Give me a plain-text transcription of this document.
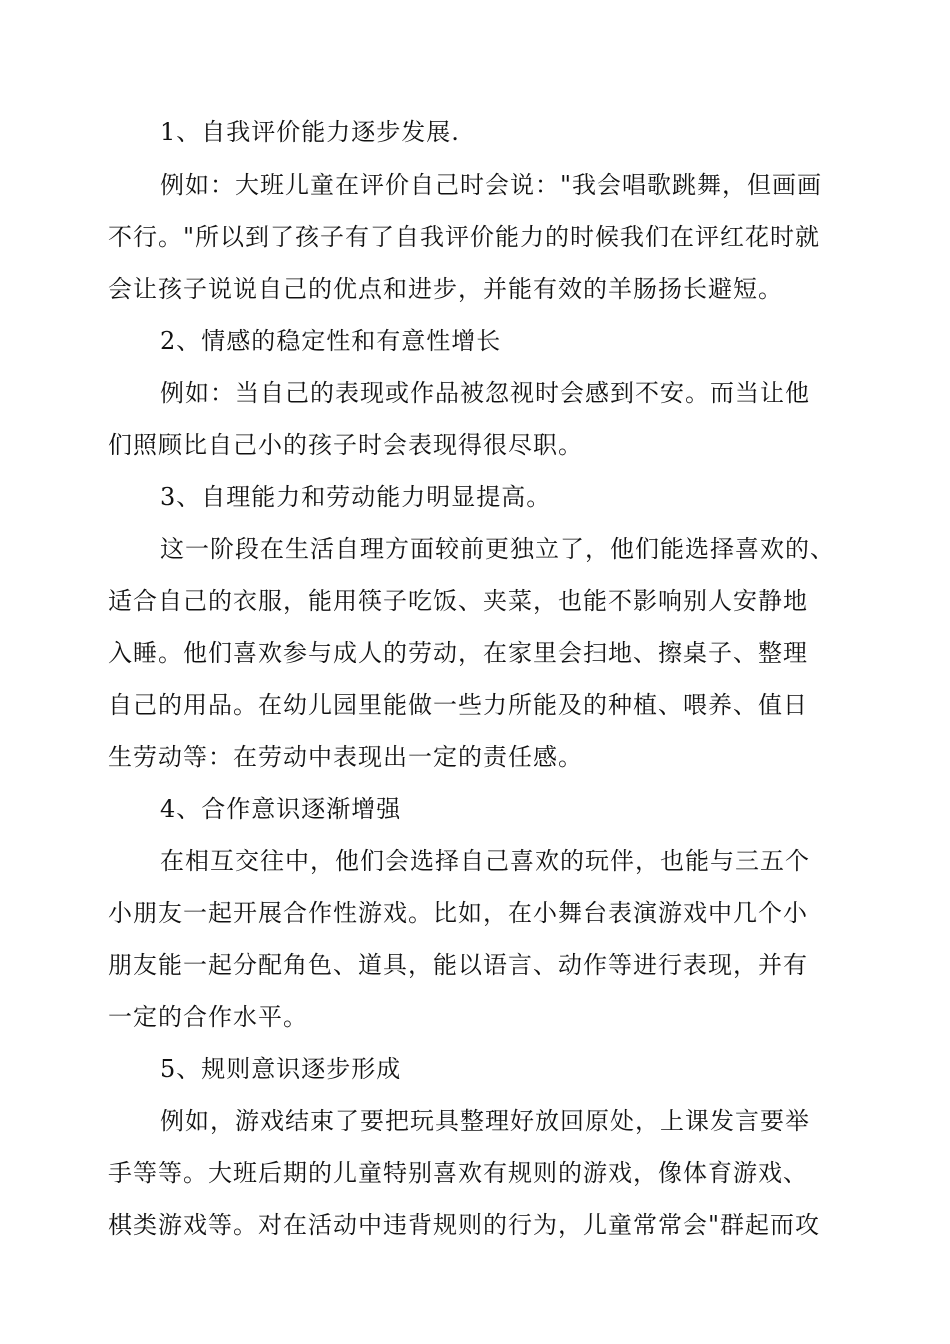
1、自我评价能力逐步发展.
例如：大班儿童在评价自己时会说："我会唱歌跳舞，但画画
不行。"所以到了孩子有了自我评价能力的时候我们在评红花时就
会让孩子说说自己的优点和进步，并能有效的羊肠扬长避短。
2、情感的稳定性和有意性增长
例如：当自己的表现或作品被忽视时会感到不安。而当让他
们照顾比自己小的孩子时会表现得很尽职。
3、自理能力和劳动能力明显提高。
这一阶段在生活自理方面较前更独立了，他们能选择喜欢的、
适合自己的衣服，能用筷子吃饭、夹菜，也能不影响别人安静地
入睡。他们喜欢参与成人的劳动，在家里会扫地、擦桌子、整理
自己的用品。在幼儿园里能做一些力所能及的种植、喂养、值日
生劳动等：在劳动中表现出一定的责任感。
4、合作意识逐渐增强
在相互交往中，他们会选择自己喜欢的玩伴，也能与三五个
小朋友一起开展合作性游戏。比如，在小舞台表演游戏中几个小
朋友能一起分配角色、道具，能以语言、动作等进行表现，并有
一定的合作水平。
5、规则意识逐步形成
例如，游戏结束了要把玩具整理好放回原处，上课发言要举
手等等。大班后期的儿童特别喜欢有规则的游戏，像体育游戏、
棋类游戏等。对在活动中违背规则的行为，儿童常常会"群起而攻
